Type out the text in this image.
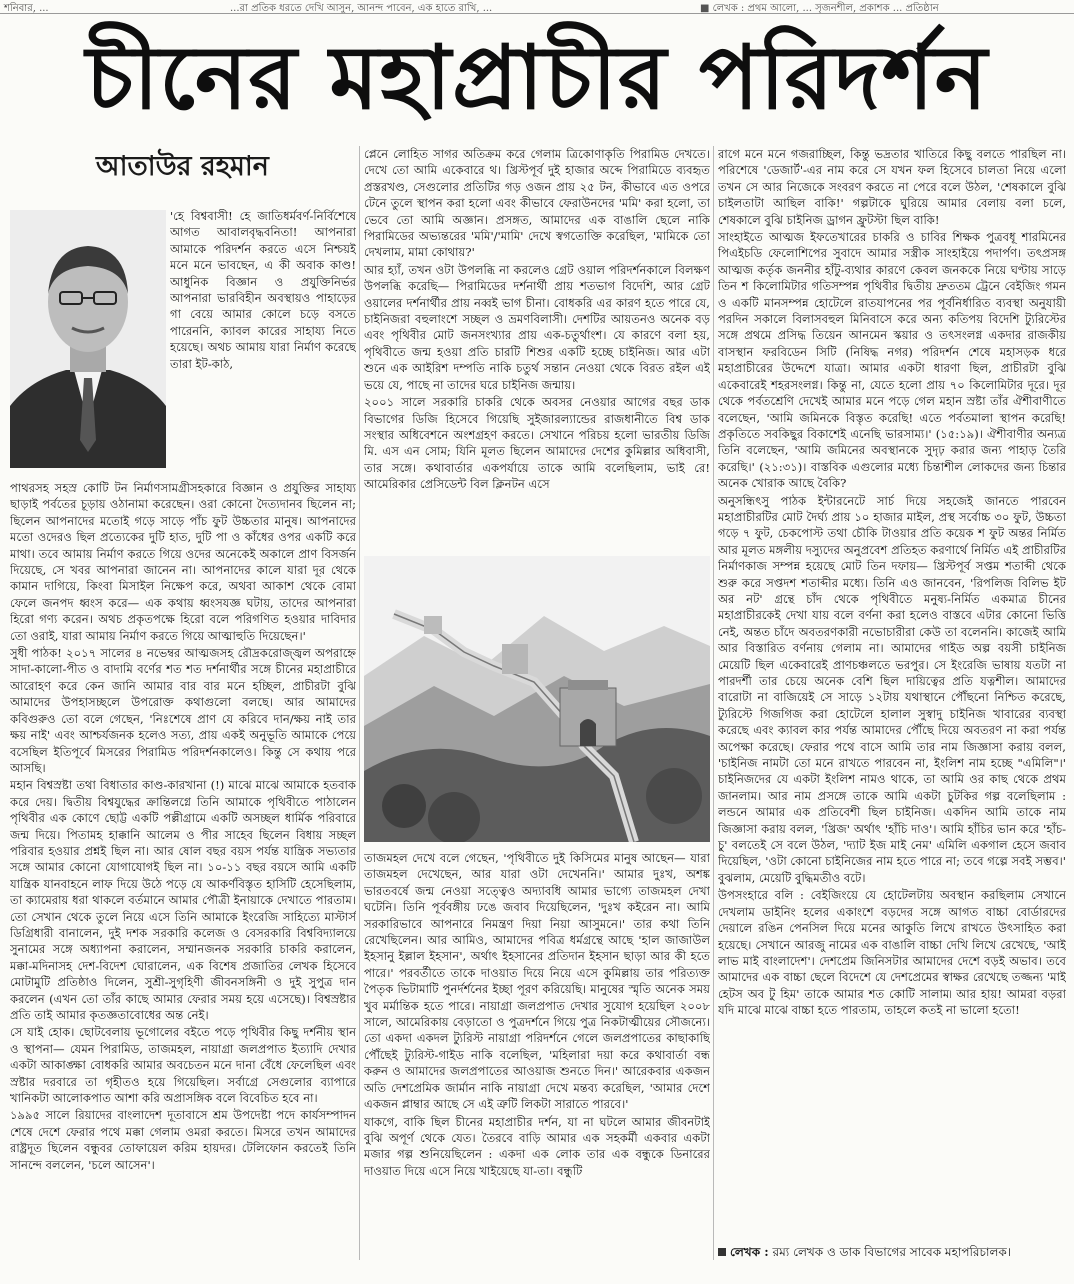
শনিবার, ...	...রা প্রতিক ধরতে দেখি আসুন, আনন্দ পাবেন, এক হাতে রাখি, ...	■ লেখক : প্রথম আলো, ... সৃজনশীল, প্রকাশক ... প্রতিষ্ঠান
চীনের মহাপ্রাচীর পরিদর্শন
আতাউর রহমান
'হে বিশ্ববাসী! হে জাতিধর্মবর্ণ-নির্বিশেষে আগত আবালবৃদ্ধবনিতা! আপনারা আমাকে পরিদর্শন করতে এসে নিশ্চয়ই মনে মনে ভাবছেন, এ কী অবাক কাণ্ড! আধুনিক বিজ্ঞান ও প্রযুক্তিনির্ভর আপনারা ভারবিহীন অবস্থায়ও পাহাড়ের গা বেয়ে আমার কোলে চড়ে বসতে পারেননি, ক্যাবল কারের সাহায্য নিতে হয়েছে। অথচ আমায় যারা নির্মাণ করেছে তারা ইট-কাঠ,

পাথরসহ সহস্র কোটি টন নির্মাণসামগ্রীসহকারে বিজ্ঞান ও প্রযুক্তির সাহায্য ছাড়াই পর্বতের চূড়ায় ওঠানামা করেছেন। ওরা কোনো দৈত্যদানব ছিলেন না; ছিলেন আপনাদের মতোই গড়ে সাড়ে পাঁচ ফুট উচ্চতার মানুষ। আপনাদের মতো ওদেরও ছিল প্রত্যেকের দুটি হাত, দুটি পা ও কাঁধের ওপর একটি করে মাথা। তবে আমায় নির্মাণ করতে গিয়ে ওদের অনেকেই অকালে প্রাণ বিসর্জন দিয়েছে, সে খবর আপনারা জানেন না। আপনাদের কালে যারা দূর থেকে কামান দাগিয়ে, কিংবা মিসাইল নিক্ষেপ করে, অথবা আকাশ থেকে বোমা ফেলে জনপদ ধ্বংস করে— এক কথায় ধ্বংসযজ্ঞ ঘটায়, তাদের আপনারা হিরো গণ্য করেন। অথচ প্রকৃতপক্ষে হিরো বলে পরিগণিত হওয়ার দাবিদার তো ওরাই, যারা আমায় নির্মাণ করতে গিয়ে আত্মাহুতি দিয়েছেন।'

সুধী পাঠক! ২০১৭ সালের ৪ নভেম্বর আত্মজসহ রৌদ্রকরোজ্জ্বল অপরাহ্নে সাদা-কালো-পীত ও বাদামি বর্ণের শত শত দর্শনার্থীর সঙ্গে চীনের মহাপ্রাচীরে আরোহণ করে কেন জানি আমার বার বার মনে হচ্ছিল, প্রাচীরটা বুঝি আমাদের উপহাসচ্ছলে উপরোক্ত কথাগুলো বলছে। আর আমাদের কবিগুরুও তো বলে গেছেন, 'নিঃশেষে প্রাণ যে করিবে দান/ক্ষয় নাই তার ক্ষয় নাই' এবং আশ্চর্যজনক হলেও সত্য, প্রায় একই অনুভূতি আমাকে পেয়ে বসেছিল ইতিপূর্বে মিসরের পিরামিড পরিদর্শনকালেও। কিন্তু সে কথায় পরে আসছি।

মহান বিশ্বস্রষ্টা তথা বিধাতার কাণ্ড-কারখানা (!) মাঝে মাঝে আমাকে হতবাক করে দেয়। দ্বিতীয় বিশ্বযুদ্ধের ক্রান্তিলগ্নে তিনি আমাকে পৃথিবীতে পাঠালেন পৃথিবীর এক কোণে ছোট্ট একটি পল্লীগ্রামে একটি অসচ্ছল ধার্মিক পরিবারে জন্ম দিয়ে। পিতামহ হাক্কানি আলেম ও পীর সাহেব ছিলেন বিধায় সচ্ছল পরিবার হওয়ার প্রশ্নই ছিল না। আর ষোল বছর বয়স পর্যন্ত যান্ত্রিক সভ্যতার সঙ্গে আমার কোনো যোগাযোগই ছিল না। ১০-১১ বছর বয়সে আমি একটি যান্ত্রিক যানবাহনে লাফ দিয়ে উঠে পড়ে যে আকর্ণবিস্তৃত হাসিটি হেসেছিলাম, তা ক্যামেরায় ধরা থাকলে বর্তমানে আমার পৌত্রী ইনায়াকে দেখাতে পারতাম। তো সেখান থেকে তুলে নিয়ে এসে তিনি আমাকে ইংরেজি সাহিত্যে মাস্টার্স ডিগ্রিধারী বানালেন, দুই দশক সরকারি কলেজ ও বেসরকারি বিশ্ববিদ্যালয়ে সুনামের সঙ্গে অধ্যাপনা করালেন, সম্মানজনক সরকারি চাকরি করালেন, মক্কা-মদিনাসহ দেশ-বিদেশ ঘোরালেন, এক বিশেষ প্রজাতির লেখক হিসেবে মোটামুটি প্রতিষ্ঠাও দিলেন, সুশ্রী-সুগৃহিণী জীবনসঙ্গিনী ও দুই সুপুত্র দান করলেন (এখন তো তাঁর কাছে আমার ফেরার সময় হয়ে এসেছে)। বিশ্বস্রষ্টার প্রতি তাই আমার কৃতজ্ঞতাবোধের অন্ত নেই।

সে যাই হোক। ছোটবেলায় ভূগোলের বইতে পড়ে পৃথিবীর কিছু দর্শনীয় স্থান ও স্থাপনা— যেমন পিরামিড, তাজমহল, নায়াগ্রা জলপ্রপাত ইত্যাদি দেখার একটা আকাঙ্ক্ষা বোধকরি আমার অবচেতন মনে দানা বেঁধে ফেলেছিল এবং স্রষ্টার দরবারে তা গৃহীতও হয়ে গিয়েছিল। সর্বাগ্রে সেগুলোর ব্যাপারে খানিকটা আলোকপাত আশা করি অপ্রাসঙ্গিক বলে বিবেচিত হবে না।

১৯৯৫ সালে রিয়াদের বাংলাদেশ দূতাবাসে শ্রম উপদেষ্টা পদে কার্যসম্পাদন শেষে দেশে ফেরার পথে মক্কা গেলাম ওমরা করতে। মিসরে তখন আমাদের রাষ্ট্রদূত ছিলেন বন্ধুবর তোফায়েল করিম হায়দর। টেলিফোন করতেই তিনি সানন্দে বললেন, 'চলে আসেন'।

প্লেনে লোহিত সাগর অতিক্রম করে গেলাম ত্রিকোণাকৃতি পিরামিড দেখতে। দেখে তো আমি একেবারে থ। খ্রিস্টপূর্ব দুই হাজার অব্দে পিরামিডে ব্যবহৃত প্রস্তরখণ্ড, সেগুলোর প্রতিটির গড় ওজন প্রায় ২৫ টন, কীভাবে এত ওপরে টেনে তুলে স্থাপন করা হলো এবং কীভাবে ফেরাউনদের 'মমি' করা হলো, তা ভেবে তো আমি অজ্ঞান। প্রসঙ্গত, আমাদের এক বাঙালি ছেলে নাকি পিরামিডের অভ্যন্তরের 'মমি'/'মামি' দেখে স্বগতোক্তি করেছিল, 'মামিকে তো দেখলাম, মামা কোথায়?'

আর হ্যাঁ, তখন ওটা উপলব্ধি না করলেও গ্রেট ওয়াল পরিদর্শনকালে বিলক্ষণ উপলব্ধি করেছি— পিরামিডের দর্শনার্থী প্রায় শতভাগ বিদেশি, আর গ্রেট ওয়ালের দর্শনার্থীর প্রায় নব্বই ভাগ চীনা। বোধকরি এর কারণ হতে পারে যে, চাইনিজরা বহুলাংশে সচ্ছল ও ভ্রমণবিলাসী। দেশটির আয়তনও অনেক বড় এবং পৃথিবীর মোট জনসংখ্যার প্রায় এক-চতুর্থাংশ। যে কারণে বলা হয়, পৃথিবীতে জন্ম হওয়া প্রতি চারটি শিশুর একটি হচ্ছে চাইনিজ। আর এটা শুনে এক আইরিশ দম্পতি নাকি চতুর্থ সন্তান নেওয়া থেকে বিরত রইল এই ভয়ে যে, পাছে না তাদের ঘরে চাইনিজ জন্মায়।

২০০১ সালে সরকারি চাকরি থেকে অবসর নেওয়ার আগের বছর ডাক বিভাগের ডিজি হিসেবে গিয়েছি সুইজারল্যান্ডের রাজধানীতে বিশ্ব ডাক সংস্থার অধিবেশনে অংশগ্রহণ করতে। সেখানে পরিচয় হলো ভারতীয় ডিজি মি. এস এন সোম; যিনি মূলত ছিলেন আমাদের দেশের কুমিল্লার অধিবাসী, তার সঙ্গে। কথাবার্তার একপর্যায়ে তাকে আমি বলেছিলাম, ভাই রে! আমেরিকার প্রেসিডেন্ট বিল ক্লিনটন এসে

তাজমহল দেখে বলে গেছেন, 'পৃথিবীতে দুই কিসিমের মানুষ আছেন— যারা তাজমহল দেখেছেন, আর যারা ওটা দেখেননি।' আমার দুঃখ, অশঙ্ক ভারতবর্ষে জন্ম নেওয়া সত্ত্বেও অদ্যাবধি আমার ভাগ্যে তাজমহল দেখা ঘটেনি। তিনি পূর্ববঙ্গীয় ঢঙে জবাব দিয়েছিলেন, 'দুঃখ কইরেন না। আমি সরকারিভাবে আপনারে নিমন্ত্রণ দিয়া নিয়া আসুমনে।' তার কথা তিনি রেখেছিলেন। আর আমিও, আমাদের পবিত্র ধর্মগ্রন্থে আছে 'হাল জাজাউল ইহসানু ইল্লাল ইহসান', অর্থাৎ ইহসানের প্রতিদান ইহসান ছাড়া আর কী হতে পারে।' পরবর্তীতে তাকে দাওয়াত দিয়ে নিয়ে এসে কুমিল্লায় তার পরিত্যক্ত পৈতৃক ভিটামাটি পুনর্দর্শনের ইচ্ছা পূরণ করিয়েছি। মানুষের স্মৃতি অনেক সময় খুব মর্মান্তিক হতে পারে। নায়াগ্রা জলপ্রপাত দেখার সুযোগ হয়েছিল ২০০৮ সালে, আমেরিকায় বেড়াতো ও পুত্রদর্শনে গিয়ে পুত্র নিকটাত্মীয়ের সৌজন্যে। তো একদা একদল ট্যুরিস্ট নায়াগ্রা পরিদর্শনে গেলে জলপ্রপাতের কাছাকাছি পৌঁছেই ট্যুরিস্ট-গাইড নাকি বলেছিল, 'মহিলারা দয়া করে কথাবার্তা বন্ধ করুন ও আমাদের জলপ্রপাতের আওয়াজ শুনতে দিন।' আরেকবার একজন অতি দেশপ্রেমিক জার্মান নাকি নায়াগ্রা দেখে মন্তব্য করেছিল, 'আমার দেশে একজন প্লাম্বার আছে সে এই ত্রুটি লিকটা সারাতে পারবে।'

যাকগে, বাকি ছিল চীনের মহাপ্রাচীর দর্শন, যা না ঘটলে আমার জীবনটাই বুঝি অপূর্ণ থেকে যেত। তৈরবে বাড়ি আমার এক সহকর্মী একবার একটা মজার গল্প শুনিয়েছিলেন : একদা এক লোক তার এক বন্ধুকে ডিনারের দাওয়াত দিয়ে এসে নিয়ে খাইয়েছে যা-তা। বন্ধুটি

রাগে মনে মনে গজরাচ্ছিল, কিন্তু ভদ্রতার খাতিরে কিছু বলতে পারছিল না। পরিশেষে 'ডেজার্ট'-এর নাম করে সে যখন ফল হিসেবে চালতা নিয়ে এলো তখন সে আর নিজেকে সংবরণ করতে না পেরে বলে উঠল, 'শেষকালে বুঝি চাইলতাটা আছিল বাকি!' গল্পটাকে ঘুরিয়ে আমার বেলায় বলা চলে, শেষকালে বুঝি চাইনিজ ড্রাগন ফ্রুটস্টা ছিল বাকি!

সাংহাইতে আত্মজ ইফতেখারের চাকরি ও চাবির শিক্ষক পুত্রবধূ শারমিনের পিএইচডি ফেলোশিপের সুবাদে আমার সস্ত্রীক সাংহাইয়ে পদার্পণ। তৎপ্রসঙ্গ আত্মজ কর্তৃক জননীর হাঁটু-ব্যথার কারণে কেবল জনককে নিয়ে ঘণ্টায় সাড়ে তিন শ কিলোমিটার গতিসম্পন্ন পৃথিবীর দ্বিতীয় দ্রুততম ট্রেনে বেইজিং গমন ও একটি মানসম্পন্ন হোটেলে রাতযাপনের পর পূর্বনির্ধারিত ব্যবস্থা অনুযায়ী পরদিন সকালে বিলাসবহুল মিনিবাসে করে অন্য কতিপয় বিদেশি ট্যুরিস্টের সঙ্গে প্রথমে প্রসিদ্ধ তিয়েন আনমেন স্কয়ার ও তৎসংলগ্ন একদার রাজকীয় বাসস্থান ফরবিডেন সিটি (নিষিদ্ধ নগর) পরিদর্শন শেষে মহাসড়ক ধরে মহাপ্রাচীরের উদ্দেশে যাত্রা। আমার একটা ধারণা ছিল, প্রাচীরটা বুঝি একেবারেই শহরসংলগ্ন। কিন্তু না, যেতে হলো প্রায় ৭০ কিলোমিটার দূরে। দূর থেকে পর্বতশ্রেণি দেখেই আমার মনে পড়ে গেল মহান স্রষ্টা তাঁর ঐশীবাণীতে বলেছেন, 'আমি জমিনকে বিস্তৃত করেছি! এতে পর্বতমালা স্থাপন করেছি! প্রকৃতিতে সবকিছুর বিকাশেই এনেছি ভারসাম্য।' (১৫:১৯)। ঐশীবাণীর অন্যত্র তিনি বলেছেন, 'আমি জমিনের অবস্থানকে সুদৃঢ় করার জন্য পাহাড় তৈরি করেছি।' (২১:৩১)। বাস্তবিক এগুলোর মধ্যে চিন্তাশীল লোকদের জন্য চিন্তার অনেক খোরাক আছে বৈকি?

অনুসন্ধিৎসু পাঠক ইন্টারনেটে সার্চ দিয়ে সহজেই জানতে পারবেন মহাপ্রাচীরটির মোট দৈর্ঘ্য প্রায় ১০ হাজার মাইল, প্রস্থ সর্বোচ্চ ৩০ ফুট, উচ্চতা গড়ে ৭ ফুট, চেকপোস্ট তথা চৌকি টাওয়ার প্রতি কয়েক শ ফুট অন্তর নির্মিত আর মূলত মঙ্গলীয় দস্যুদের অনুপ্রবেশ প্রতিহত করণার্থে নির্মিত এই প্রাচীরটির নির্মাণকাজ সম্পন্ন হয়েছে মোট তিন দফায়— খ্রিস্টপূর্ব সপ্তম শতাব্দী থেকে শুরু করে সপ্তদশ শতাব্দীর মধ্যে। তিনি এও জানবেন, 'রিপলিজ বিলিভ ইট অর নট' গ্রন্থে চাঁদ থেকে পৃথিবীতে মনুষ্য-নির্মিত একমাত্র চীনের মহাপ্রাচীরকেই দেখা যায় বলে বর্ণনা করা হলেও বাস্তবে এটার কোনো ভিত্তি নেই, অন্তত চাঁদে অবতরণকারী নভোচারীরা কেউ তা বলেননি। কাজেই আমি আর বিস্তারিত বর্ণনায় গেলাম না। আমাদের গাইড অল্প বয়সী চাইনিজ মেয়েটি ছিল একেবারেই প্রাণচঞ্চলতে ভরপুর। সে ইংরেজি ভাষায় যতটা না পারদর্শী তার চেয়ে অনেক বেশি ছিল দায়িত্বের প্রতি যত্নশীল। আমাদের বারোটা না বাজিয়েই সে সাড়ে ১২টায় যথাস্থানে পৌঁছনো নিশ্চিত করেছে, ট্যুরিস্টে গিজগিজ করা হোটেলে হালাল সুস্বাদু চাইনিজ খাবারের ব্যবস্থা করেছে এবং ক্যাবল কার পর্যন্ত আমাদের পৌঁছে দিয়ে অবতরণ না করা পর্যন্ত অপেক্ষা করেছে। ফেরার পথে বাসে আমি তার নাম জিজ্ঞাসা করায় বলল, 'চাইনিজ নামটা তো মনে রাখতে পারবেন না, ইংলিশ নাম হচ্ছে "এমিলি"।' চাইনিজদের যে একটা ইংলিশ নামও থাকে, তা আমি ওর কাছ থেকে প্রথম জানলাম। আর নাম প্রসঙ্গে তাকে আমি একটা চুটকির গল্প বলেছিলাম : লন্ডনে আমার এক প্রতিবেশী ছিল চাইনিজ। একদিন আমি তাকে নাম জিজ্ঞাসা করায় বলল, 'খ্রিজ' অর্থাৎ 'হাঁচি দাও'। আমি হাঁচির ভান করে 'হাঁচ-চু' বলতেই সে বলে উঠল, 'দ্যাট ইজ মাই নেম' এমিলি একগাল হেসে জবাব দিয়েছিল, 'ওটা কোনো চাইনিজের নাম হতে পারে না; তবে গল্পে সবই সম্ভব।' বুঝলাম, মেয়েটি বুদ্ধিমতীও বটে।

উপসংহারে বলি : বেইজিংয়ে যে হোটেলটায় অবস্থান করছিলাম সেখানে দেখলাম ডাইনিং হলের একাংশে বড়দের সঙ্গে আগত বাচ্চা বোর্ডারদের দেয়ালে রঙিন পেনসিল দিয়ে মনের আকুতি লিখে রাখতে উৎসাহিত করা হয়েছে। সেখানে আরজু নামের এক বাঙালি বাচ্চা দেখি লিখে রেখেছে, 'আই লাভ মাই বাংলাদেশ'। দেশপ্রেম জিনিসটার আমাদের দেশে বড়ই অভাব। তবে আমাদের এক বাচ্চা ছেলে বিদেশে যে দেশপ্রেমের স্বাক্ষর রেখেছে তজ্জন্য 'মাই হেটস অব টু হিম' তাকে আমার শত কোটি সালাম৷ আর হায়! আমরা বড়রা যদি মাঝে মাঝে বাচ্চা হতে পারতাম, তাহলে কতই না ভালো হতো!

লেখক : রম্য লেখক ও ডাক বিভাগের সাবেক মহাপরিচালক।
